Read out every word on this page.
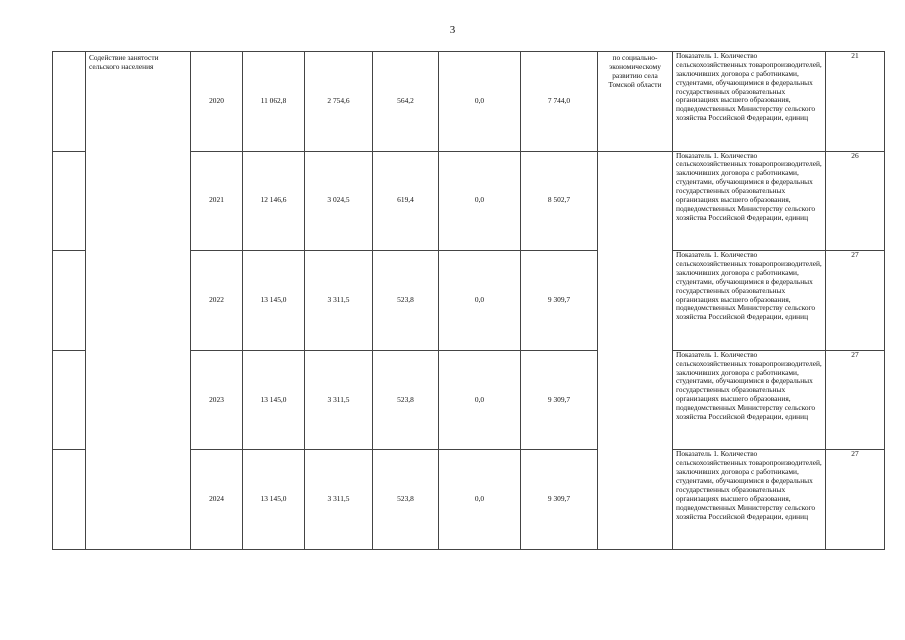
3
	Содействие занятости сельского населения	2020	11 062,8	2 754,6	564,2	0,0	7 744,0	по социально-экономическому развитию села Томской области	Показатель 1. Количество сельскохозяйственных товаропроизводителей, заключивших договора с работниками, студентами, обучающимися в федеральных государственных образовательных организациях высшего образования, подведомственных Министерству сельского хозяйства Российской Федерации, единиц	21
		2021	12 146,6	3 024,5	619,4	0,0	8 502,7		Показатель 1. Количество сельскохозяйственных товаропроизводителей, заключивших договора с работниками, студентами, обучающимися в федеральных государственных образовательных организациях высшего образования, подведомственных Министерству сельского хозяйства Российской Федерации, единиц	26
		2022	13 145,0	3 311,5	523,8	0,0	9 309,7		Показатель 1. Количество сельскохозяйственных товаропроизводителей, заключивших договора с работниками, студентами, обучающимися в федеральных государственных образовательных организациях высшего образования, подведомственных Министерству сельского хозяйства Российской Федерации, единиц	27
		2023	13 145,0	3 311,5	523,8	0,0	9 309,7		Показатель 1. Количество сельскохозяйственных товаропроизводителей, заключивших договора с работниками, студентами, обучающимися в федеральных государственных образовательных организациях высшего образования, подведомственных Министерству сельского хозяйства Российской Федерации, единиц	27
		2024	13 145,0	3 311,5	523,8	0,0	9 309,7		Показатель 1. Количество сельскохозяйственных товаропроизводителей, заключивших договора с работниками, студентами, обучающимися в федеральных государственных образовательных организациях высшего образования, подведомственных Министерству сельского хозяйства Российской Федерации, единиц	27
